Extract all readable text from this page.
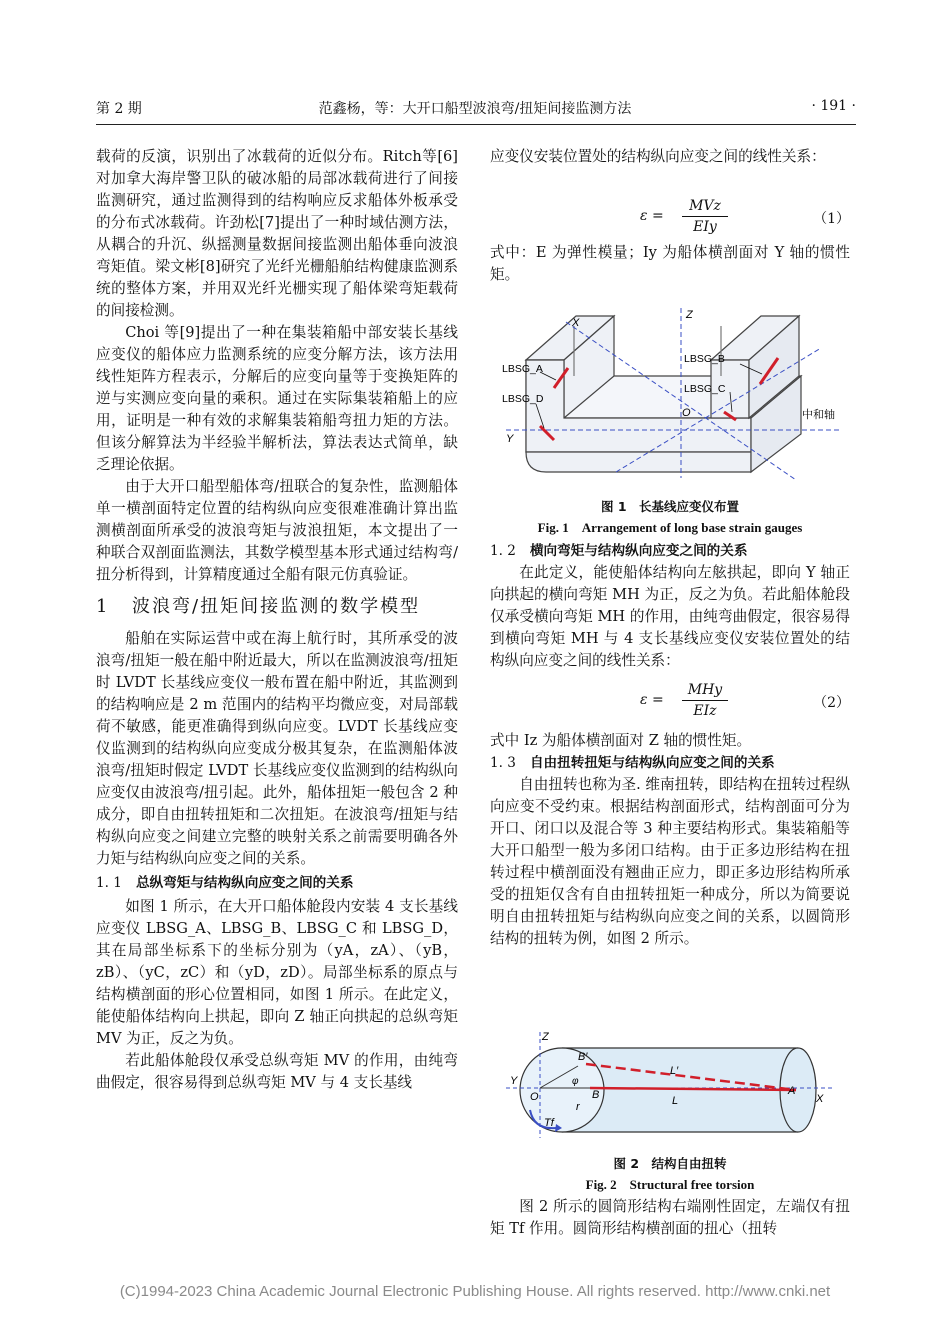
第 2 期	范鑫杨，等：大开口船型波浪弯/扭矩间接监测方法	· 191 ·

载荷的反演，识别出了冰载荷的近似分布。Ritch等[6]对加拿大海岸警卫队的破冰船的局部冰载荷进行了间接监测研究，通过监测得到的结构响应反求船体外板承受的分布式冰载荷。许劲松[7]提出了一种时域估测方法，从耦合的升沉、纵摇测量数据间接监测出船体垂向波浪弯矩值。梁文彬[8]研究了光纤光栅船舶结构健康监测系统的整体方案，并用双光纤光栅实现了船体梁弯矩载荷的间接检测。

Choi 等[9]提出了一种在集装箱船中部安装长基线应变仪的船体应力监测系统的应变分解方法，该方法用线性矩阵方程表示，分解后的应变向量等于变换矩阵的逆与实测应变向量的乘积。通过在实际集装箱船上的应用，证明是一种有效的求解集装箱船弯扭力矩的方法。但该分解算法为半经验半解析法，算法表达式简单，缺乏理论依据。

由于大开口船型船体弯/扭联合的复杂性，监测船体单一横剖面特定位置的结构纵向应变很难准确计算出监测横剖面所承受的波浪弯矩与波浪扭矩，本文提出了一种联合双剖面监测法，其数学模型基本形式通过结构弯/扭分析得到，计算精度通过全船有限元仿真验证。

1 波浪弯/扭矩间接监测的数学模型

船舶在实际运营中或在海上航行时，其所承受的波浪弯/扭矩一般在船中附近最大，所以在监测波浪弯/扭矩时 LVDT 长基线应变仪一般布置在船中附近，其监测到的结构响应是 2 m 范围内的结构平均微应变，对局部载荷不敏感，能更准确得到纵向应变。LVDT 长基线应变仪监测到的结构纵向应变成分极其复杂，在监测船体波浪弯/扭矩时假定 LVDT 长基线应变仪监测到的结构纵向应变仅由波浪弯/扭引起。此外，船体扭矩一般包含 2 种成分，即自由扭转扭矩和二次扭矩。在波浪弯/扭矩与结构纵向应变之间建立完整的映射关系之前需要明确各外力矩与结构纵向应变之间的关系。

1. 1 总纵弯矩与结构纵向应变之间的关系

如图 1 所示，在大开口船体舱段内安装 4 支长基线应变仪 LBSG_A、LBSG_B、LBSG_C 和 LBSG_D，其在局部坐标系下的坐标分别为（yA，zA）、（yB，zB）、（yC，zC）和（yD，zD）。局部坐标系的原点与结构横剖面的形心位置相同，如图 1 所示。在此定义，能使船体结构向上拱起，即向 Z 轴正向拱起的总纵弯矩 MV 为正，反之为负。

若此船体舱段仅承受总纵弯矩 MV 的作用，由纯弯曲假定，很容易得到总纵弯矩 MV 与 4 支长基线

应变仪安装位置处的结构纵向应变之间的线性关系：

ε =
MVz
EIy	（1）

式中：E 为弹性模量；Iy 为船体横剖面对 Y 轴的惯性矩。

LBSG_A
LBSG_B
LBSG_C
LBSG_D
X
Z
Y
O	中和轴
图 1　长基线应变仪布置
Fig. 1　Arrangement of long base strain gauges
1. 2 横向弯矩与结构纵向应变之间的关系

在此定义，能使船体结构向左舷拱起，即向 Y 轴正向拱起的横向弯矩 MH 为正，反之为负。若此船体舱段仅承受横向弯矩 MH 的作用，由纯弯曲假定，很容易得到横向弯矩 MH 与 4 支长基线应变仪安装位置处的结构纵向应变之间的线性关系：

ε =
MHy
EIz	（2）

式中 Iz 为船体横剖面对 Z 轴的惯性矩。

1. 3 自由扭转扭矩与结构纵向应变之间的关系

自由扭转也称为圣. 维南扭转，即结构在扭转过程纵向应变不受约束。根据结构剖面形式，结构剖面可分为开口、闭口以及混合等 3 种主要结构形式。集装箱船等大开口船型一般为多闭口结构。由于正多边形结构在扭转过程中横剖面没有翘曲正应力，即正多边形结构所承受的扭矩仅含有自由扭转扭矩一种成分，所以为简要说明自由扭转扭矩与结构纵向应变之间的关系，以圆筒形结构的扭转为例，如图 2 所示。

Z
Y
X
O
B′
B
φ
r
A
L′
L
Tf
图 2　结构自由扭转
Fig. 2　Structural free torsion

图 2 所示的圆筒形结构右端刚性固定，左端仅有扭矩 Tf 作用。圆筒形结构横剖面的扭心（扭转

(C)1994-2023 China Academic Journal Electronic Publishing House. All rights reserved. http://www.cnki.net
